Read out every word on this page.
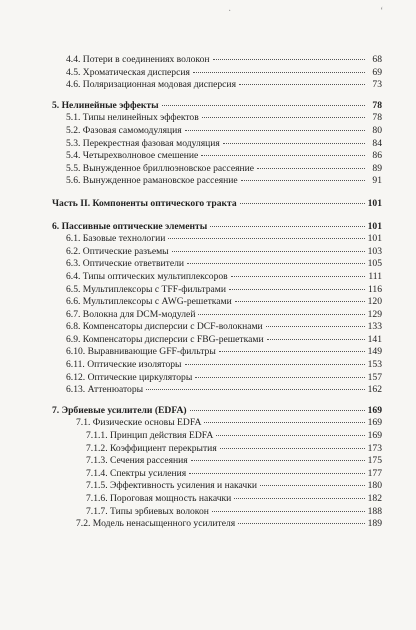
·	ʻ
4.4. Потери в соединениях волокон	68
4.5. Хроматическая дисперсия	69
4.6. Поляризационная модовая дисперсия	73
5. Нелинейные эффекты	78
5.1. Типы нелинейных эффектов	78
5.2. Фазовая самомодуляция	80
5.3. Перекрестная фазовая модуляция	84
5.4. Четырехволновое смешение	86
5.5. Вынужденное бриллюэновское рассеяние	89
5.6. Вынужденное рамановское рассеяние	91
Часть II. Компоненты оптического тракта	101
6. Пассивные оптические элементы	101
6.1. Базовые технологии	101
6.2. Оптические разъемы	103
6.3. Оптические ответвители	105
6.4. Типы оптических мультиплексоров	111
6.5. Мультиплексоры с TFF-фильтрами	116
6.6. Мультиплексоры с AWG-решетками	120
6.7. Волокна для DCM-модулей	129
6.8. Компенсаторы дисперсии с DCF-волокнами	133
6.9. Компенсаторы дисперсии с FBG-решетками	141
6.10. Выравнивающие GFF-фильтры	149
6.11. Оптические изоляторы	153
6.12. Оптические циркуляторы	157
6.13. Аттенюаторы	162
7. Эрбиевые усилители (EDFA)	169
7.1. Физические основы EDFA	169
7.1.1. Принцип действия EDFA	169
7.1.2. Коэффициент перекрытия	173
7.1.3. Сечения рассеяния	175
7.1.4. Спектры усиления	177
7.1.5. Эффективность усиления и накачки	180
7.1.6. Пороговая мощность накачки	182
7.1.7. Типы эрбиевых волокон	188
7.2. Модель ненасыщенного усилителя	189
